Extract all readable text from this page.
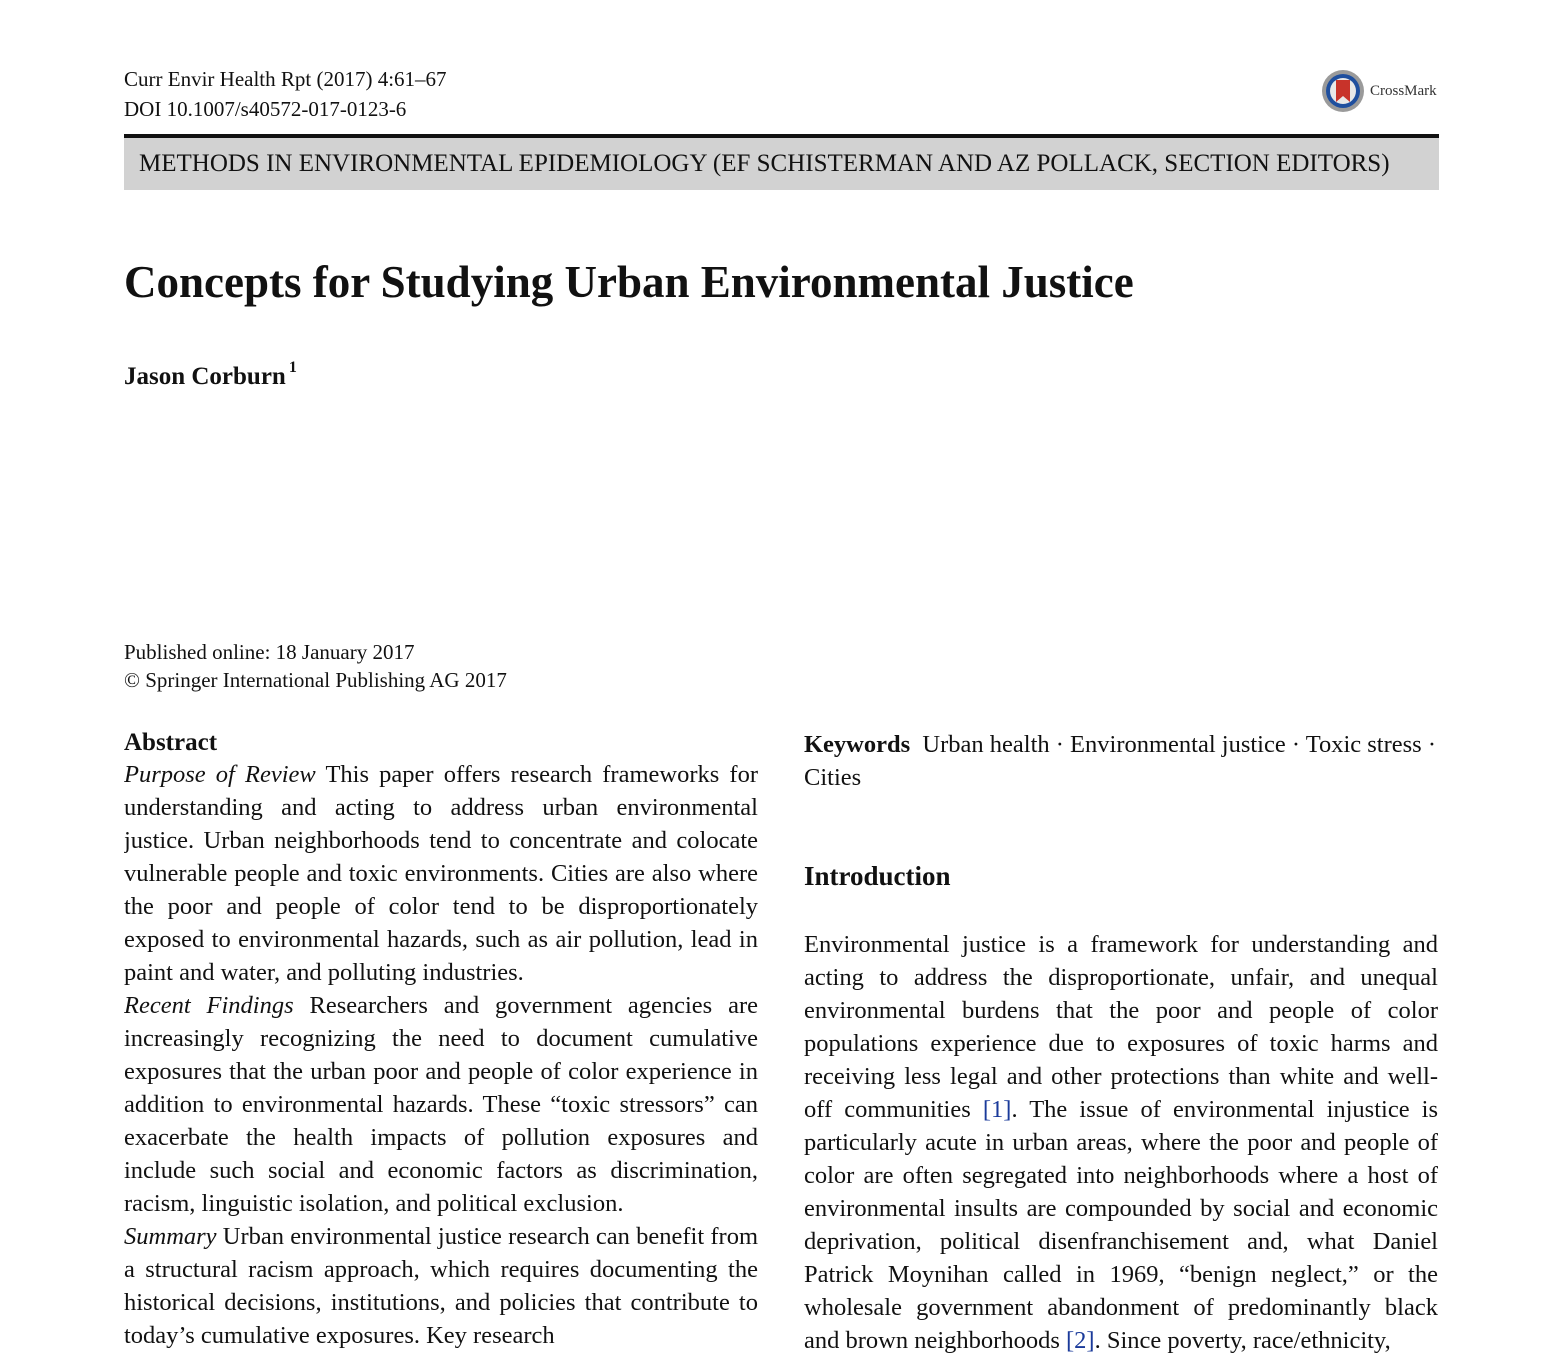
Curr Envir Health Rpt (2017) 4:61–67
DOI 10.1007/s40572-017-0123-6
CrossMark
METHODS IN ENVIRONMENTAL EPIDEMIOLOGY (EF SCHISTERMAN AND AZ POLLACK, SECTION EDITORS)
Concepts for Studying Urban Environmental Justice
Jason Corburn $^1$
Published online: 18 January 2017
© Springer International Publishing AG 2017
Abstract

Purpose of Review This paper offers research frameworks for understanding and acting to address urban environmental justice. Urban neighborhoods tend to concentrate and colocate vulnerable people and toxic environments. Cities are also where the poor and people of color tend to be disproportionately exposed to environmental hazards, such as air pollution, lead in paint and water, and polluting industries.

Recent Findings Researchers and government agencies are increasingly recognizing the need to document cumulative exposures that the urban poor and people of color experience in addition to environmental hazards. These “toxic stressors” can exacerbate the health impacts of pollution exposures and include such social and economic factors as discrimination, racism, linguistic isolation, and political exclusion.

Summary Urban environmental justice research can benefit from a structural racism approach, which requires documenting the historical decisions, institutions, and policies that contribute to today’s cumulative exposures. Key research

Keywords Urban health · Environmental justice · Toxic stress · Cities

Introduction

Environmental justice is a framework for understanding and acting to address the disproportionate, unfair, and unequal environmental burdens that the poor and people of color populations experience due to exposures of toxic harms and receiving less legal and other protections than white and well-off communities [1]. The issue of environmental injustice is particularly acute in urban areas, where the poor and people of color are often segregated into neighborhoods where a host of environmental insults are compounded by social and economic deprivation, political disenfranchisement and, what Daniel Patrick Moynihan called in 1969, “benign neglect,” or the wholesale government abandonment of predominantly black and brown neighborhoods [2]. Since poverty, race/ethnicity,
